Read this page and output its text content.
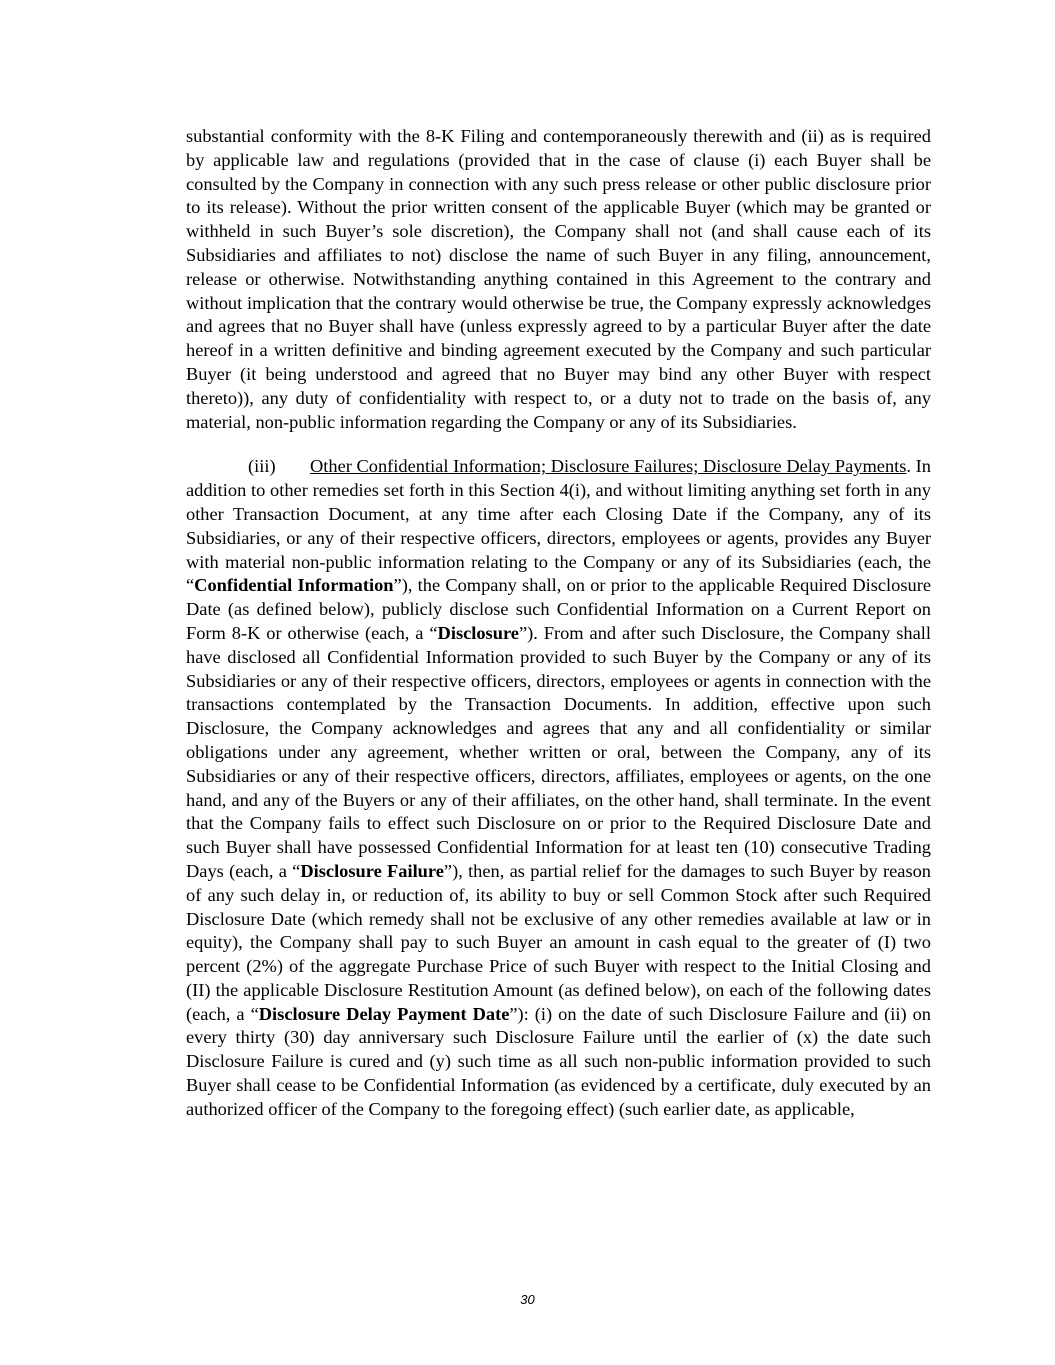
substantial conformity with the 8-K Filing and contemporaneously therewith and (ii) as is required by applicable law and regulations (provided that in the case of clause (i) each Buyer shall be consulted by the Company in connection with any such press release or other public disclosure prior to its release). Without the prior written consent of the applicable Buyer (which may be granted or withheld in such Buyer’s sole discretion), the Company shall not (and shall cause each of its Subsidiaries and affiliates to not) disclose the name of such Buyer in any filing, announcement, release or otherwise. Notwithstanding anything contained in this Agreement to the contrary and without implication that the contrary would otherwise be true, the Company expressly acknowledges and agrees that no Buyer shall have (unless expressly agreed to by a particular Buyer after the date hereof in a written definitive and binding agreement executed by the Company and such particular Buyer (it being understood and agreed that no Buyer may bind any other Buyer with respect thereto)), any duty of confidentiality with respect to, or a duty not to trade on the basis of, any material, non-public information regarding the Company or any of its Subsidiaries.

(iii) Other Confidential Information; Disclosure Failures; Disclosure Delay Payments. In addition to other remedies set forth in this Section 4(i), and without limiting anything set forth in any other Transaction Document, at any time after each Closing Date if the Company, any of its Subsidiaries, or any of their respective officers, directors, employees or agents, provides any Buyer with material non-public information relating to the Company or any of its Subsidiaries (each, the “Confidential Information”), the Company shall, on or prior to the applicable Required Disclosure Date (as defined below), publicly disclose such Confidential Information on a Current Report on Form 8-K or otherwise (each, a “Disclosure”). From and after such Disclosure, the Company shall have disclosed all Confidential Information provided to such Buyer by the Company or any of its Subsidiaries or any of their respective officers, directors, employees or agents in connection with the transactions contemplated by the Transaction Documents. In addition, effective upon such Disclosure, the Company acknowledges and agrees that any and all confidentiality or similar obligations under any agreement, whether written or oral, between the Company, any of its Subsidiaries or any of their respective officers, directors, affiliates, employees or agents, on the one hand, and any of the Buyers or any of their affiliates, on the other hand, shall terminate. In the event that the Company fails to effect such Disclosure on or prior to the Required Disclosure Date and such Buyer shall have possessed Confidential Information for at least ten (10) consecutive Trading Days (each, a “Disclosure Failure”), then, as partial relief for the damages to such Buyer by reason of any such delay in, or reduction of, its ability to buy or sell Common Stock after such Required Disclosure Date (which remedy shall not be exclusive of any other remedies available at law or in equity), the Company shall pay to such Buyer an amount in cash equal to the greater of (I) two percent (2%) of the aggregate Purchase Price of such Buyer with respect to the Initial Closing and (II) the applicable Disclosure Restitution Amount (as defined below), on each of the following dates (each, a “Disclosure Delay Payment Date”): (i) on the date of such Disclosure Failure and (ii) on every thirty (30) day anniversary such Disclosure Failure until the earlier of (x) the date such Disclosure Failure is cured and (y) such time as all such non-public information provided to such Buyer shall cease to be Confidential Information (as evidenced by a certificate, duly executed by an authorized officer of the Company to the foregoing effect) (such earlier date, as applicable,

30
